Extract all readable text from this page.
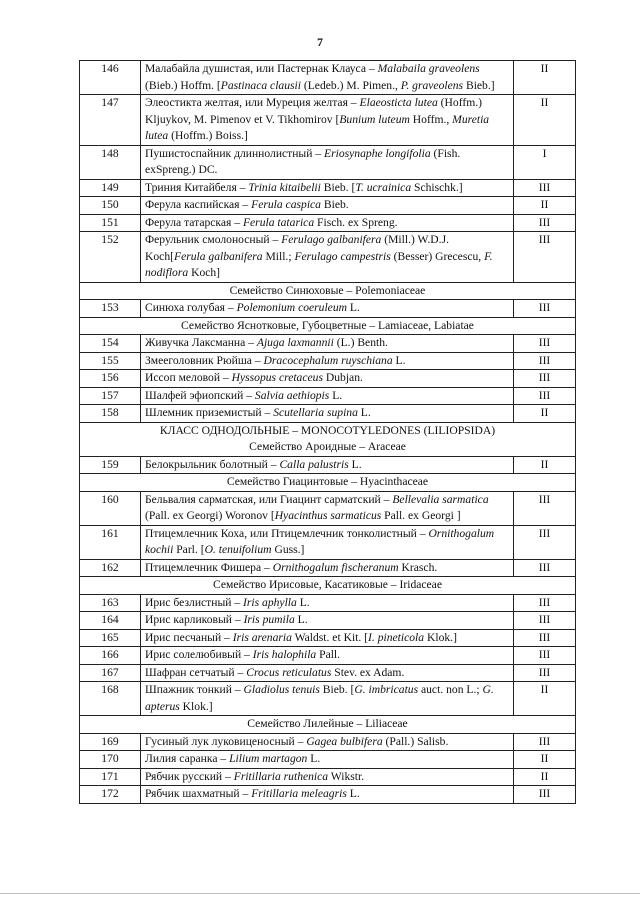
7
146	Малабайла душистая, или Пастернак Клауса – Malabaila graveolens (Bieb.) Hoffm. [Pastinaca clausii (Ledeb.) M. Pimen., P. graveolens Bieb.]	II
147	Элеостикта желтая, или Муреция желтая – Elaeosticta lutea (Hoffm.) Kljuykov, M. Pimenov et V. Tikhomirov [Bunium luteum Hoffm., Muretia lutea (Hoffm.) Boiss.]	II
148	Пушистоспайник длиннолистный – Eriosynaphe longifolia (Fish. exSpreng.) DC.	I
149	Триния Китайбеля – Trinia kitaibelii Bieb. [T. ucrainica Schischk.]	III
150	Ферула каспийская – Ferula caspica Bieb.	II
151	Ферула татарская – Ferula tatarica Fisch. ex Spreng.	III
152	Ферульник смолоносный – Ferulago galbanifera (Mill.) W.D.J. Koch[Ferula galbanifera Mill.; Ferulago campestris (Besser) Grecescu, F. nodiflora Koch]	III

Семейство Синюховые – Polemoniaceae		

153	Синюха голубая – Polemonium coeruleum L.	III

Семейство Яснотковые, Губоцветные – Lamiaceae, Labiatae		

154	Живучка Лаксманна – Ajuga laxmannii (L.) Benth.	III
155	Змееголовник Рюйша – Dracocephalum ruyschiana L.	III
156	Иссоп меловой – Hyssopus cretaceus Dubjan.	III
157	Шалфей эфиопский – Salvia aethiopis L.	III
158	Шлемник приземистый – Scutellaria supina L.	II

КЛАСС ОДНОДОЛЬНЫЕ – MONOCOTYLEDONES (LILIOPSIDA)
Семейство Ароидные – Araceae		

159	Белокрыльник болотный – Calla palustris L.	II

Семейство Гиацинтовые – Hyacinthaceae		

160	Бельвалия сарматская, или Гиацинт сарматский – Bellevalia sarmatica (Pall. ex Georgi) Woronov [Hyacinthus sarmaticus Pall. ex Georgi ]	III
161	Птицемлечник Коха, или Птицемлечник тонколистный – Ornithogalum kochii Parl. [O. tenuifolium Guss.]	III
162	Птицемлечник Фишера – Ornithogalum fischeranum Krasch.	III

Семейство Ирисовые, Касатиковые – Iridaceae		

163	Ирис безлистный – Iris aphylla L.	III
164	Ирис карликовый – Iris pumila L.	III
165	Ирис песчаный – Iris arenaria Waldst. et Kit. [I. pineticola Klok.]	III
166	Ирис солелюбивый – Iris halophila Pall.	III
167	Шафран сетчатый – Crocus reticulatus Stev. ex Adam.	III
168	Шпажник тонкий – Gladiolus tenuis Bieb. [G. imbricatus auct. non L.; G. apterus Klok.]	II

Семейство Лилейные – Liliaceae		

169	Гусиный лук луковиценосный – Gagea bulbifera (Pall.) Salisb.	III
170	Лилия саранка – Lilium martagon L.	II
171	Рябчик русский – Fritillaria ruthenica Wikstr.	II
172	Рябчик шахматный – Fritillaria meleagris L.	III
